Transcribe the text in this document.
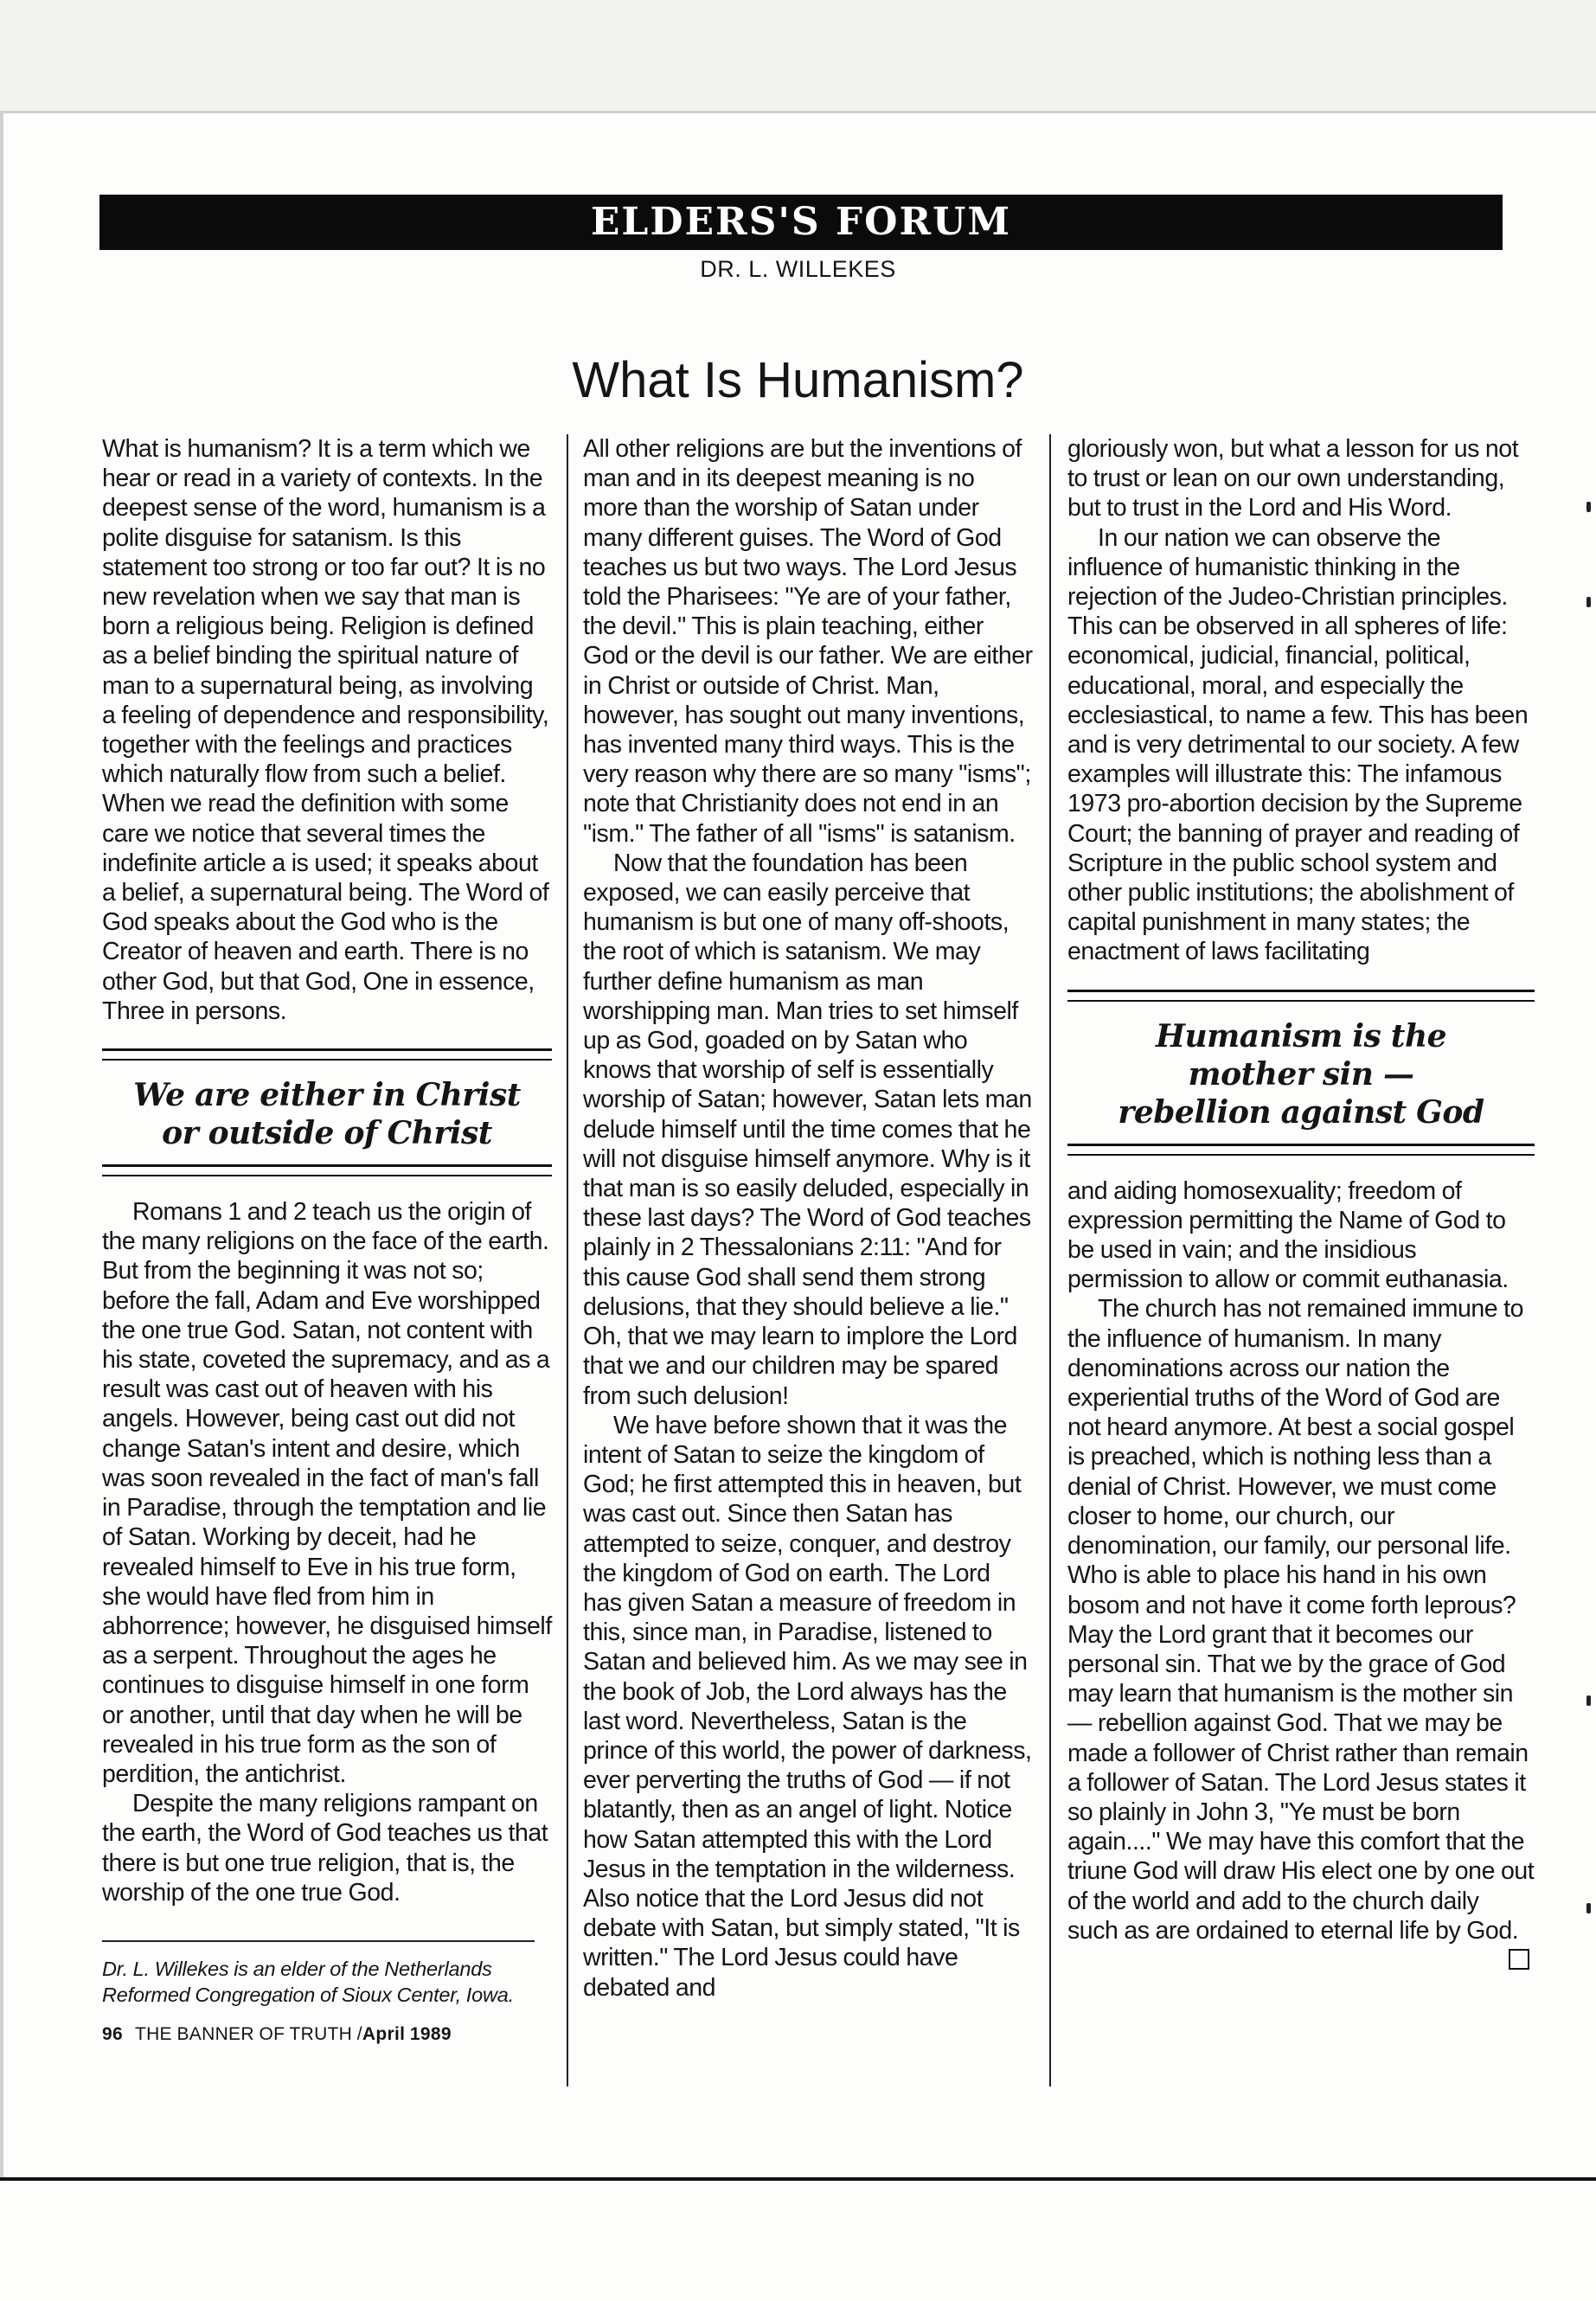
ELDERS'S FORUM
DR. L. WILLEKES
What Is Humanism?

What is humanism? It is a term which we hear or read in a variety of contexts. In the deepest sense of the word, humanism is a polite disguise for satanism. Is this statement too strong or too far out? It is no new revelation when we say that man is born a religious being. Religion is defined as a belief binding the spiritual nature of man to a supernatural being, as involving a feeling of dependence and responsibility, together with the feelings and practices which naturally flow from such a belief. When we read the definition with some care we notice that several times the indefinite article a is used; it speaks about a belief, a supernatural being. The Word of God speaks about the God who is the Creator of heaven and earth. There is no other God, but that God, One in essence, Three in persons.

We are either in Christ
or outside of Christ

Romans 1 and 2 teach us the origin of the many religions on the face of the earth. But from the beginning it was not so; before the fall, Adam and Eve worshipped the one true God. Satan, not content with his state, coveted the supremacy, and as a result was cast out of heaven with his angels. However, being cast out did not change Satan's intent and desire, which was soon revealed in the fact of man's fall in Paradise, through the temptation and lie of Satan. Working by deceit, had he revealed himself to Eve in his true form, she would have fled from him in abhorrence; however, he disguised himself as a serpent. Throughout the ages he continues to disguise himself in one form or another, until that day when he will be revealed in his true form as the son of perdition, the antichrist.

Despite the many religions rampant on the earth, the Word of God teaches us that there is but one true religion, that is, the worship of the one true God.

Dr. L. Willekes is an elder of the Netherlands Reformed Congregation of Sioux Center, Iowa.
96 THE BANNER OF TRUTH /April 1989

All other religions are but the inventions of man and in its deepest meaning is no more than the worship of Satan under many different guises. The Word of God teaches us but two ways. The Lord Jesus told the Pharisees: "Ye are of your father, the devil." This is plain teaching, either God or the devil is our father. We are either in Christ or outside of Christ. Man, however, has sought out many inventions, has invented many third ways. This is the very reason why there are so many "isms"; note that Christianity does not end in an "ism." The father of all "isms" is satanism.

Now that the foundation has been exposed, we can easily perceive that humanism is but one of many off-shoots, the root of which is satanism. We may further define humanism as man worshipping man. Man tries to set himself up as God, goaded on by Satan who knows that worship of self is essentially worship of Satan; however, Satan lets man delude himself until the time comes that he will not disguise himself anymore. Why is it that man is so easily deluded, especially in these last days? The Word of God teaches plainly in 2 Thessalonians 2:11: "And for this cause God shall send them strong delusions, that they should believe a lie." Oh, that we may learn to implore the Lord that we and our children may be spared from such delusion!

We have before shown that it was the intent of Satan to seize the kingdom of God; he first attempted this in heaven, but was cast out. Since then Satan has attempted to seize, conquer, and destroy the kingdom of God on earth. The Lord has given Satan a measure of freedom in this, since man, in Paradise, listened to Satan and believed him. As we may see in the book of Job, the Lord always has the last word. Nevertheless, Satan is the prince of this world, the power of darkness, ever perverting the truths of God — if not blatantly, then as an angel of light. Notice how Satan attempted this with the Lord Jesus in the temptation in the wilderness. Also notice that the Lord Jesus did not debate with Satan, but simply stated, "It is written." The Lord Jesus could have debated and

gloriously won, but what a lesson for us not to trust or lean on our own understanding, but to trust in the Lord and His Word.

In our nation we can observe the influence of humanistic thinking in the rejection of the Judeo-Christian principles. This can be observed in all spheres of life: economical, judicial, financial, political, educational, moral, and especially the ecclesiastical, to name a few. This has been and is very detrimental to our society. A few examples will illustrate this: The infamous 1973 pro-abortion decision by the Supreme Court; the banning of prayer and reading of Scripture in the public school system and other public institutions; the abolishment of capital punishment in many states; the enactment of laws facilitating

Humanism is the
mother sin —
rebellion against God

and aiding homosexuality; freedom of expression permitting the Name of God to be used in vain; and the insidious permission to allow or commit euthanasia.

The church has not remained immune to the influence of humanism. In many denominations across our nation the experiential truths of the Word of God are not heard anymore. At best a social gospel is preached, which is nothing less than a denial of Christ. However, we must come closer to home, our church, our denomination, our family, our personal life. Who is able to place his hand in his own bosom and not have it come forth leprous? May the Lord grant that it becomes our personal sin. That we by the grace of God may learn that humanism is the mother sin — rebellion against God. That we may be made a follower of Christ rather than remain a follower of Satan. The Lord Jesus states it so plainly in John 3, "Ye must be born again...." We may have this comfort that the triune God will draw His elect one by one out of the world and add to the church daily such as are ordained to eternal life by God.
